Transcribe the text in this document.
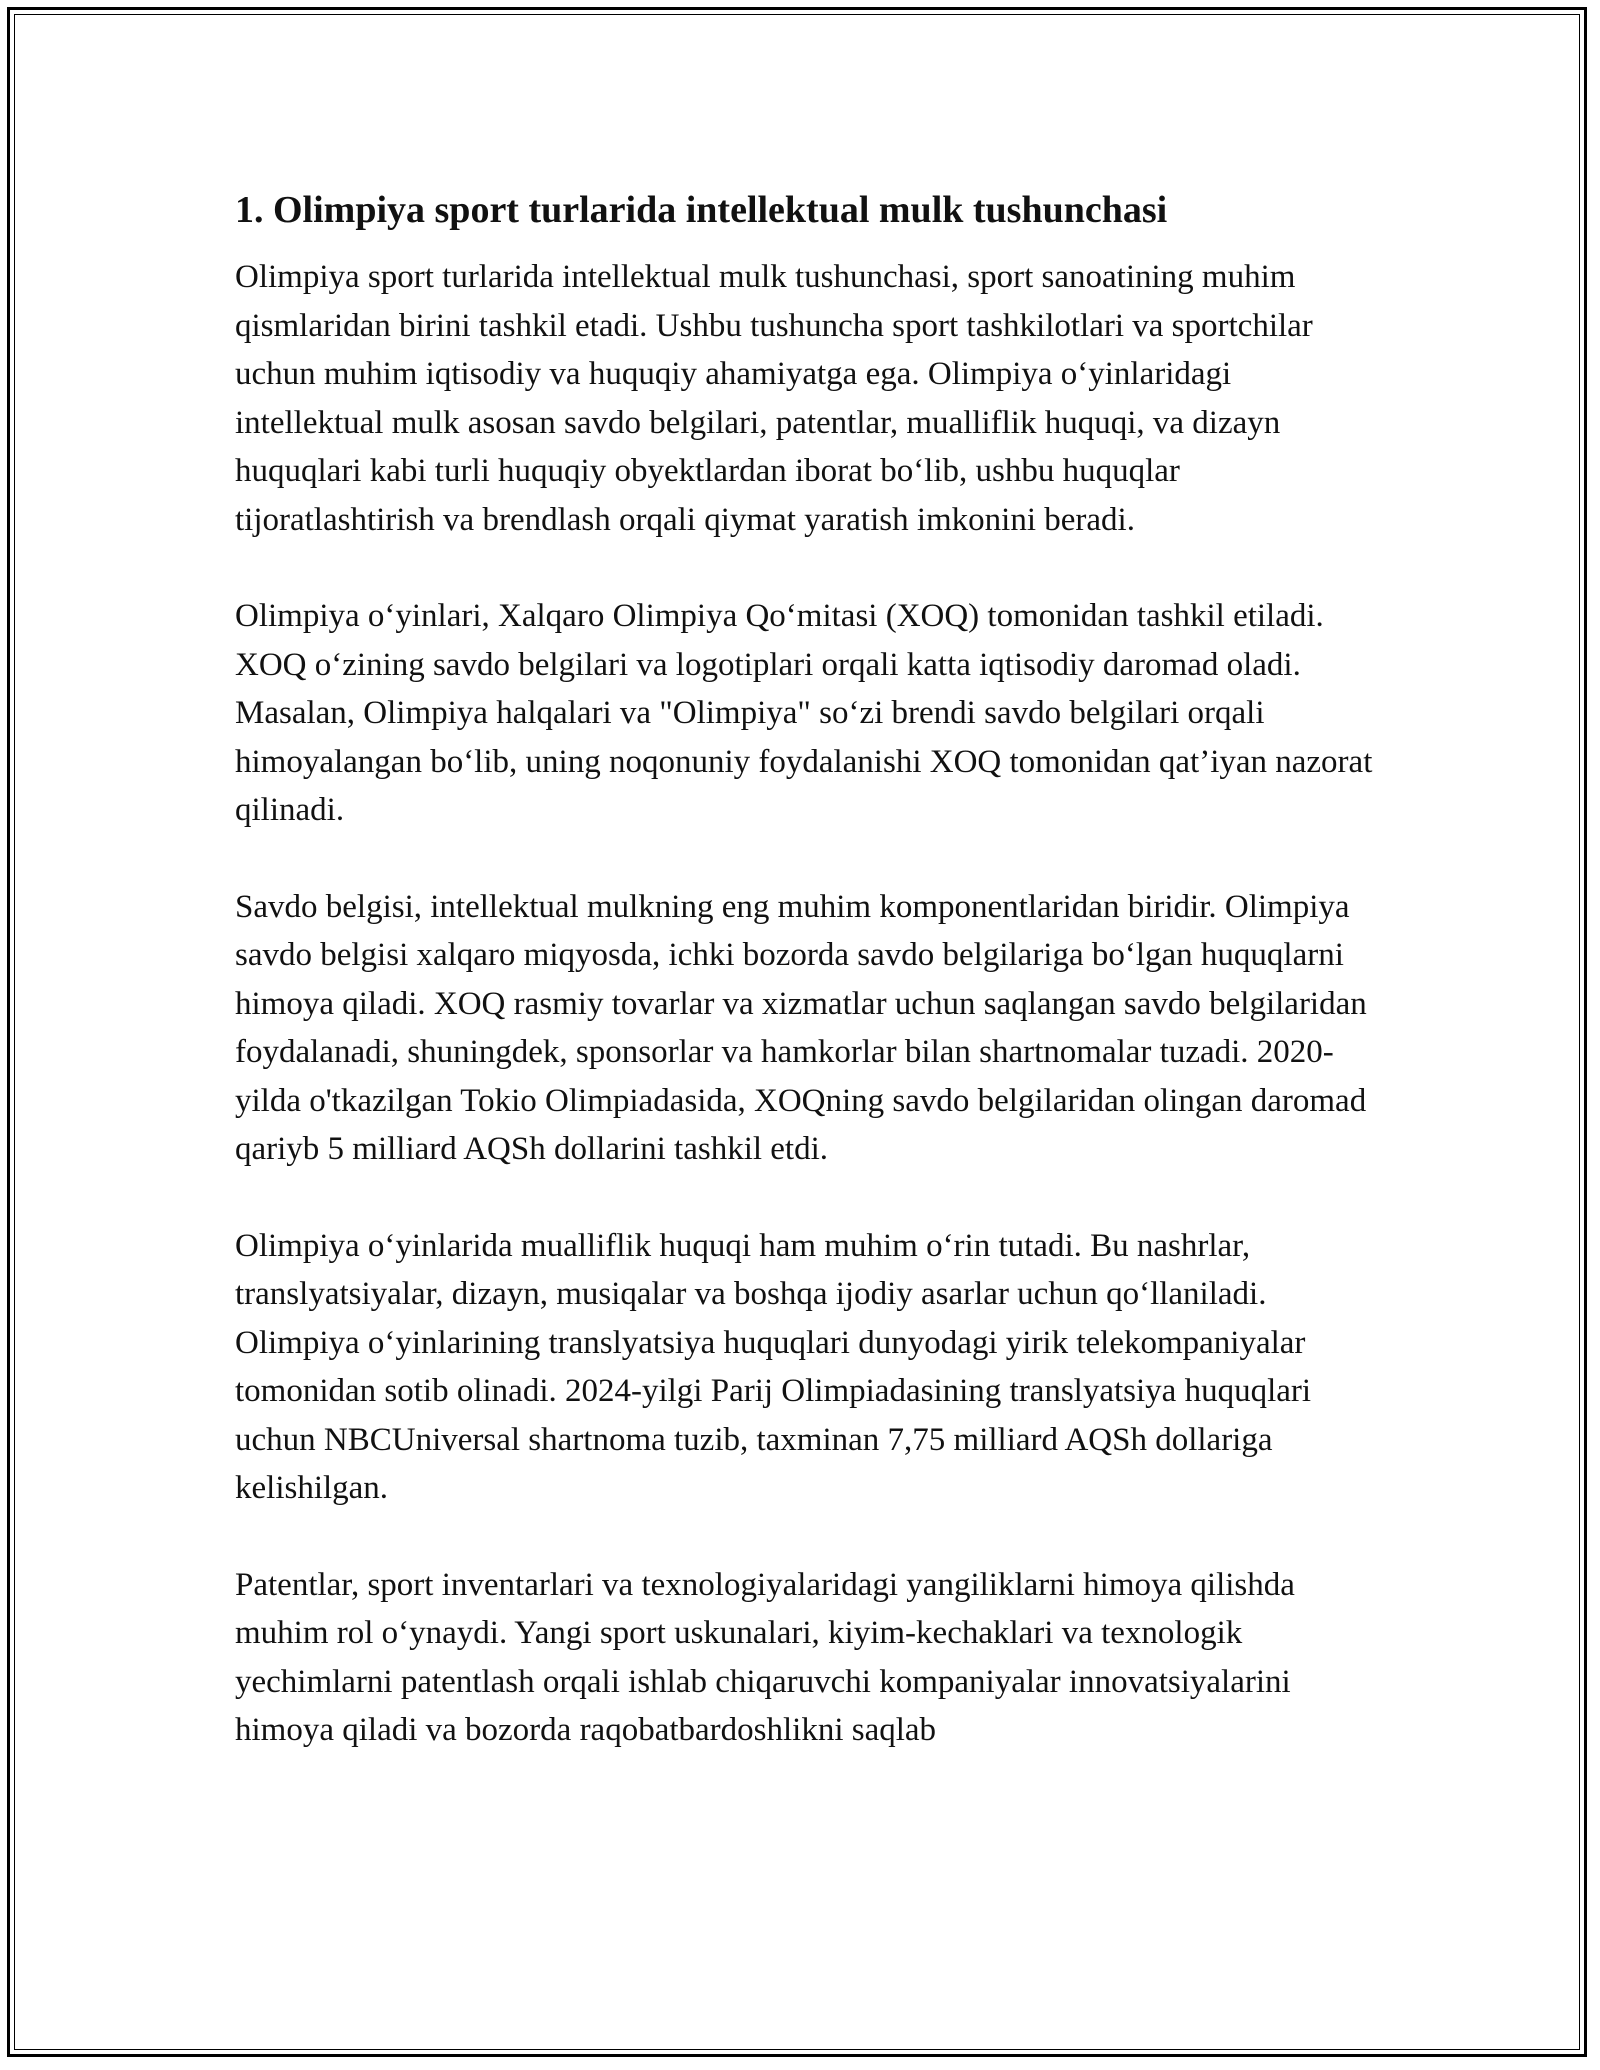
1. Olimpiya sport turlarida intellektual mulk tushunchasi

Olimpiya sport turlarida intellektual mulk tushunchasi, sport sanoatining muhim qismlaridan birini tashkil etadi. Ushbu tushuncha sport tashkilotlari va sportchilar uchun muhim iqtisodiy va huquqiy ahamiyatga ega. Olimpiya o‘yinlaridagi intellektual mulk asosan savdo belgilari, patentlar, mualliflik huquqi, va dizayn huquqlari kabi turli huquqiy obyektlardan iborat bo‘lib, ushbu huquqlar tijoratlashtirish va brendlash orqali qiymat yaratish imkonini beradi.

Olimpiya o‘yinlari, Xalqaro Olimpiya Qo‘mitasi (XOQ) tomonidan tashkil etiladi. XOQ o‘zining savdo belgilari va logotiplari orqali katta iqtisodiy daromad oladi. Masalan, Olimpiya halqalari va "Olimpiya" so‘zi brendi savdo belgilari orqali himoyalangan bo‘lib, uning noqonuniy foydalanishi XOQ tomonidan qat’iyan nazorat qilinadi.

Savdo belgisi, intellektual mulkning eng muhim komponentlaridan biridir. Olimpiya savdo belgisi xalqaro miqyosda, ichki bozorda savdo belgilariga bo‘lgan huquqlarni himoya qiladi. XOQ rasmiy tovarlar va xizmatlar uchun saqlangan savdo belgilaridan foydalanadi, shuningdek, sponsorlar va hamkorlar bilan shartnomalar tuzadi. 2020-yilda o'tkazilgan Tokio Olimpiadasida, XOQning savdo belgilaridan olingan daromad qariyb 5 milliard AQSh dollarini tashkil etdi.

Olimpiya o‘yinlarida mualliflik huquqi ham muhim o‘rin tutadi. Bu nashrlar, translyatsiyalar, dizayn, musiqalar va boshqa ijodiy asarlar uchun qo‘llaniladi. Olimpiya o‘yinlarining translyatsiya huquqlari dunyodagi yirik telekompaniyalar tomonidan sotib olinadi. 2024-yilgi Parij Olimpiadasining translyatsiya huquqlari uchun NBCUniversal shartnoma tuzib, taxminan 7,75 milliard AQSh dollariga kelishilgan.

Patentlar, sport inventarlari va texnologiyalaridagi yangiliklarni himoya qilishda muhim rol o‘ynaydi. Yangi sport uskunalari, kiyim-kechaklari va texnologik yechimlarni patentlash orqali ishlab chiqaruvchi kompaniyalar innovatsiyalarini himoya qiladi va bozorda raqobatbardoshlikni saqlab
